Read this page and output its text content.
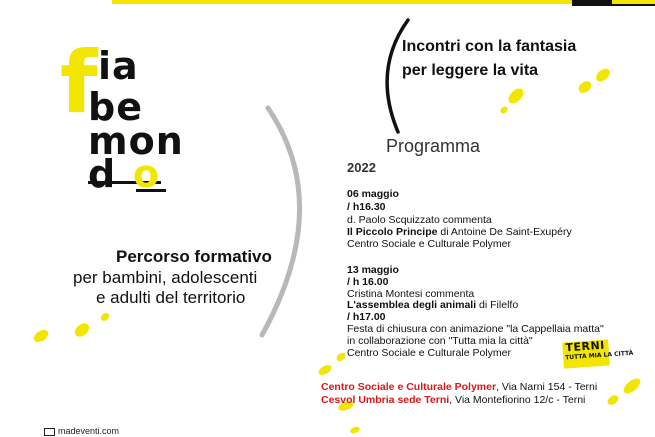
f ia
be
mon
d o
Incontri con la fantasia
per leggere la vita
Percorso formativo
per bambini, adolescenti
e adulti del territorio
Programma
2022
06 maggio
/ h16.30
d. Paolo Scquizzato commenta
Il Piccolo Principe di Antoine De Saint-Exupéry
Centro Sociale e Culturale Polymer
13 maggio
/ h 16.00
Cristina Montesi commenta
L'assemblea degli animali di Filelfo
/ h17.00
Festa di chiusura con animazione "la Cappellaia matta"
in collaborazione con "Tutta mia la città"
Centro Sociale e Culturale Polymer	TERNI
TUTTA MIA LA CITTÀ
Centro Sociale e Culturale Polymer, Via Narni 154 - Terni
Cesvol Umbria sede Terni, Via Montefiorino 12/c - Terni
madeventi.com
